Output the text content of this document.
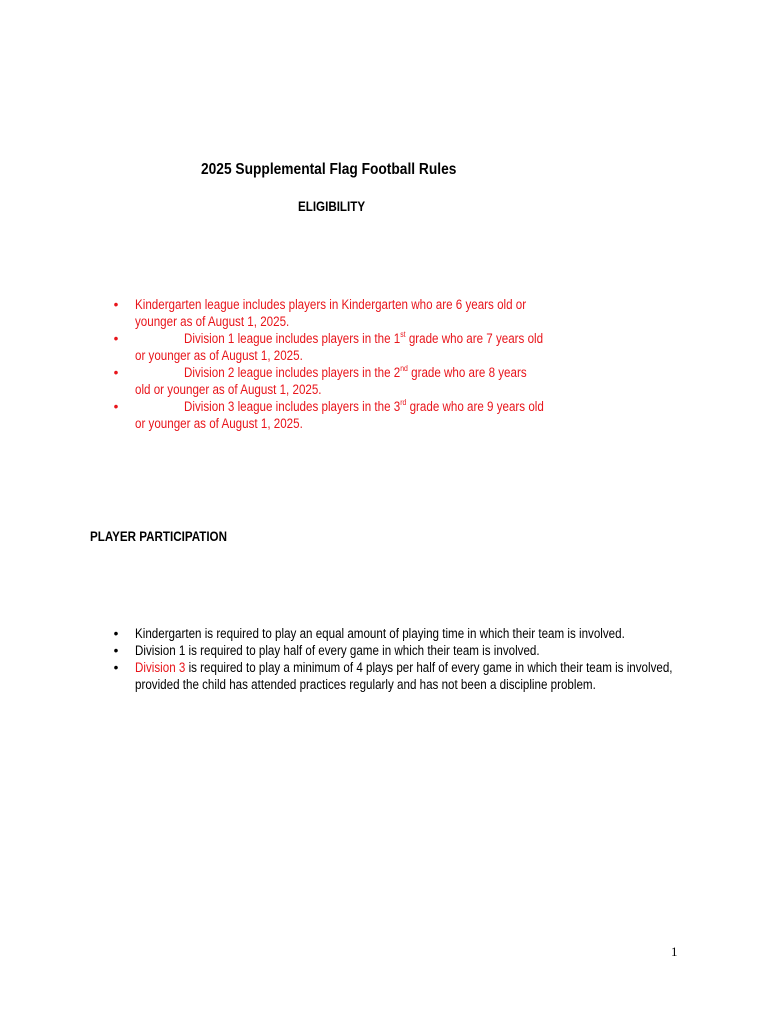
2025 Supplemental Flag Football Rules
ELIGIBILITY
• Kindergarten league includes players in Kindergarten who are 6 years old or
younger as of August 1, 2025.
•	Division 1 league includes players in the 1st grade who are 7 years old
or younger as of August 1, 2025.
•	Division 2 league includes players in the 2nd grade who are 8 years
old or younger as of August 1, 2025.
•	Division 3 league includes players in the 3rd grade who are 9 years old
or younger as of August 1, 2025.
PLAYER PARTICIPATION
• Kindergarten is required to play an equal amount of playing time in which their team is involved.
• Division 1 is required to play half of every game in which their team is involved.
• Division 3 is required to play a minimum of 4 plays per half of every game in which their team is involved, provided the child has attended practices regularly and has not been a discipline problem.
1
